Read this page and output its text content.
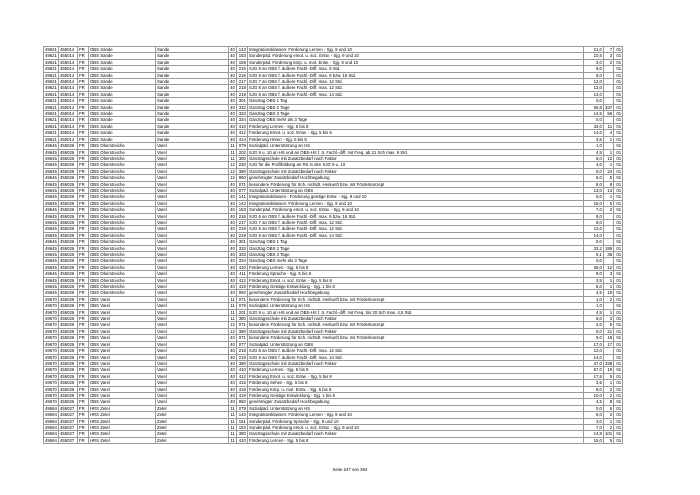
49621	455014	FR	OBS Sande	Sande	40	143	Integrationsklassen: Förderung Lernen - Sjg. 9 und 10	21,0	7	01
49621	455014	FR	OBS Sande	Sande	40	153	Sonderpäd. Förderung emot. u. soz. Entw. - Sjg. 9 und 10	10,5	3	01
49621	455014	FR	OBS Sande	Sande	40	159	Sonderpäd. Förderung körp. u. mot. Entw. - Sjg. 9 und 10	3,0	2	01
49621	455014	FR	OBS Sande	Sande	40	215	SJG 9 an OBS f. äußere Fachl.-Diff. max. 9 Std.	9,0		01
49621	455014	FR	OBS Sande	Sande	40	216	SJG 9 an OBS f. äußere Fachl.-Diff. max. 9 bzw. 16 Std.	8,0		01
49621	455014	FR	OBS Sande	Sande	40	217	SJG 7 an OBS f. äußere Fachl.-Diff. max. 12 Std.	12,0		01
49621	455014	FR	OBS Sande	Sande	40	218	SJG 8 an OBS f. äußere Fachl.-Diff. max. 12 Std.	12,0		01
49621	455014	FR	OBS Sande	Sande	40	219	SJG 9 an OBS f. äußere Fachl.-Diff. max. 14 Std.	14,0		01
49621	455014	FR	OBS Sande	Sande	40	301	Ganztag OBS 1 Tag	0,0		01
49621	455014	FR	OBS Sande	Sande	40	332	Ganztag OBS 2 Tage	56,8	337	01
49621	455014	FR	OBS Sande	Sande	40	333	Ganztag OBS 3 Tage	14,6	56	01
49621	455014	FR	OBS Sande	Sande	40	334	Ganztag OBS mehr als 3 Tage	0,0		01
49621	455014	FR	OBS Sande	Sande	40	410	Förderung Lernen - Sjg. 5 bis 8	33,0	11	01
49621	455014	FR	OBS Sande	Sande	40	412	Förderung Emot. u. soz. Entw. - Sjg. 5 bis 8	14,0	4	01
49621	455014	FR	OBS Sande	Sande	40	414	Förderung Hören - Sjg. 5 bis 8	3,5	1	01
49645	455026	FR	OBS Oberstreiche	Varel	11	079	Sozialpäd. Unterstützung an HS	1,0		01
49645	455026	FR	OBS Oberstreiche	Varel	11	202	SJG 9 u. 10 an HS und an OBS-HS f. ä. Fachl.-diff. mit Freq. ab 21 Sch max. 9 Std.	4,5	1	01
49645	455026	FR	OBS Oberstreiche	Varel	11	380	Ganztagsschule mit Zusatzbedarf nach Faktor	5,0	12	01
49645	455026	FR	OBS Oberstreiche	Varel	12	230	SJG für die Profilbildung an RS in den SJG 9 u. 10	4,0	1	01
49645	455026	FR	OBS Oberstreiche	Varel	12	380	Ganztagsschule mit Zusatzbedarf nach Faktor	5,0	24	01
49645	455026	FR	OBS Oberstreiche	Varel	12	950	genehmigter Zusatzbedarf Hochbegabung	5,0	5	01
49645	455026	FR	OBS Oberstreiche	Varel	40	071	besondere Förderung für Sch. nichtdt. Herkunft bzw. mit Förderkonzept	8,0	8	01
49645	455026	FR	OBS Oberstreiche	Varel	40	077	Sozialpäd. Unterstützung an OBS	13,0	13	01
49645	455026	FR	OBS Oberstreiche	Varel	40	141	Integrationsklassen - Förderung geistige Entw. - Sjg. 9 und 10	5,0	1	01
49645	455026	FR	OBS Oberstreiche	Varel	40	143	Integrationsklassen: Förderung Lernen - Sjg. 9 und 10	15,0	5	01
49645	455026	FR	OBS Oberstreiche	Varel	40	153	Sonderpäd. Förderung emot. u. soz. Entw. - Sjg. 9 und 10	7,0	2	01
49645	455026	FR	OBS Oberstreiche	Varel	40	216	SJG 6 an OBS f. äußere Fachl.-Diff. max. 9 bzw. 16 Std.	8,0		01
49645	455026	FR	OBS Oberstreiche	Varel	40	217	SJG 7 an OBS f. äußere Fachl.-Diff. max. 12 Std.	8,0		01
49645	455026	FR	OBS Oberstreiche	Varel	40	218	SJG 8 an OBS f. äußere Fachl.-Diff. max. 12 Std.	12,0		01
49645	455026	FR	OBS Oberstreiche	Varel	40	219	SJG 9 an OBS f. äußere Fachl.-Diff. max. 14 Std.	14,0		01
49645	455026	FR	OBS Oberstreiche	Varel	40	301	Ganztag OBS 1 Tag	0,0		01
49645	455026	FR	OBS Oberstreiche	Varel	40	332	Ganztag OBS 2 Tage	33,2	195	01
49645	455026	FR	OBS Oberstreiche	Varel	40	333	Ganztag OBS 3 Tage	9,1	36	01
49645	455026	FR	OBS Oberstreiche	Varel	40	334	Ganztag OBS mehr als 3 Tage	0,0		01
49645	455026	FR	OBS Oberstreiche	Varel	40	410	Förderung Lernen - Sjg. 5 bis 8	36,0	12	01
49645	455026	FR	OBS Oberstreiche	Varel	40	411	Förderung Sprache - Sjg. 5 bis 8	9,0	3	01
49645	455026	FR	OBS Oberstreiche	Varel	40	412	Förderung Emot. u. soz. Entw. - Sjg. 5 bis 8	3,5	1	01
49645	455026	FR	OBS Oberstreiche	Varel	40	419	Förderung Geistige Entwicklung - Sjg. 1 bis 8	5,0	1	01
49645	455026	FR	OBS Oberstreiche	Varel	40	950	genehmigter Zusatzbedarf Hochbegabung	4,5	18	01
49670	455026	FR	OBS Varel	Varel	11	071	besondere Förderung für Sch. nichtdt. Herkunft bzw. mit Förderkonzept	1,0	2	01
49670	455026	FR	OBS Varel	Varel	11	079	Sozialpäd. Unterstützung an HS	1,0		01
49670	455026	FR	OBS Varel	Varel	11	201	SJG 9 u. 10 an HS und an OBS-HS f. ä. Fachl.-diff. mit Freq. bis 20 Sch max. 4,5 Std.	4,5	1	01
49670	455026	FR	OBS Varel	Varel	11	380	Ganztagsschule mit Zusatzbedarf nach Faktor	5,0	3	01
49670	455026	FR	OBS Varel	Varel	12	071	besondere Förderung für Sch. nichtdt. Herkunft bzw. mit Förderkonzept	2,0	5	01
49670	455026	FR	OBS Varel	Varel	12	380	Ganztagsschule mit Zusatzbedarf nach Faktor	5,0	21	01
49670	455026	FR	OBS Varel	Varel	40	071	besondere Förderung für Sch. nichtdt. Herkunft bzw. mit Förderkonzept	9,0	18	01
49670	455026	FR	OBS Varel	Varel	40	077	Sozialpäd. Unterstützung an OBS	17,0	17	01
49670	455026	FR	OBS Varel	Varel	40	218	SJG 8 an OBS f. äußere Fachl.-Diff. max. 12 Std.	12,0		01
49670	455026	FR	OBS Varel	Varel	40	219	SJG 9 an OBS f. äußere Fachl.-Diff. max. 14 Std.	14,0		01
49670	455026	FR	OBS Varel	Varel	40	380	Ganztagsschule mit Zusatzbedarf nach Faktor	47,0	338	01
49670	455026	FR	OBS Varel	Varel	40	410	Förderung Lernen - Sjg. 5 bis 8	57,0	19	01
49670	455026	FR	OBS Varel	Varel	40	412	Förderung Emot. u. soz. Entw. - Sjg. 5 bis 8	17,5	5	01
49670	455026	FR	OBS Varel	Varel	40	416	Förderung Sehen - Sjg. 5 bis 8	3,5	1	01
49670	455026	FR	OBS Varel	Varel	40	418	Förderung Körp. u. mot. Entw. - Sjg. 5 bis 8	8,0	2	01
49670	455026	FR	OBS Varel	Varel	40	419	Förderung Geistige Entwicklung - Sjg. 1 bis 8	10,0	2	01
49670	455026	FR	OBS Varel	Varel	40	950	genehmigter Zusatzbedarf Hochbegabung	4,5	8	01
49694	455027	FR	HRS Zetel	Zetel	11	079	Sozialpäd. Unterstützung an HS	0,0	6	01
49694	455027	FR	HRS Zetel	Zetel	11	143	Integrationsklassen: Förderung Lernen - Sjg. 9 und 10	6,0	2	01
49694	455027	FR	HRS Zetel	Zetel	11	151	Sonderpäd. Förderung Sprache - Sjg. 9 und 10	3,0	1	01
49694	455027	FR	HRS Zetel	Zetel	11	153	Sonderpäd. Förderung emot. u. soz. Entw. - Sjg. 9 und 10	7,0	2	01
49694	455027	FR	HRS Zetel	Zetel	11	380	Ganztagsschule mit Zusatzbedarf nach Faktor	14,8	101	01
49694	455027	FR	HRS Zetel	Zetel	11	410	Förderung Lernen - Sjg. 5 bis 8	15,0	5	01
Seite 247 von 294
